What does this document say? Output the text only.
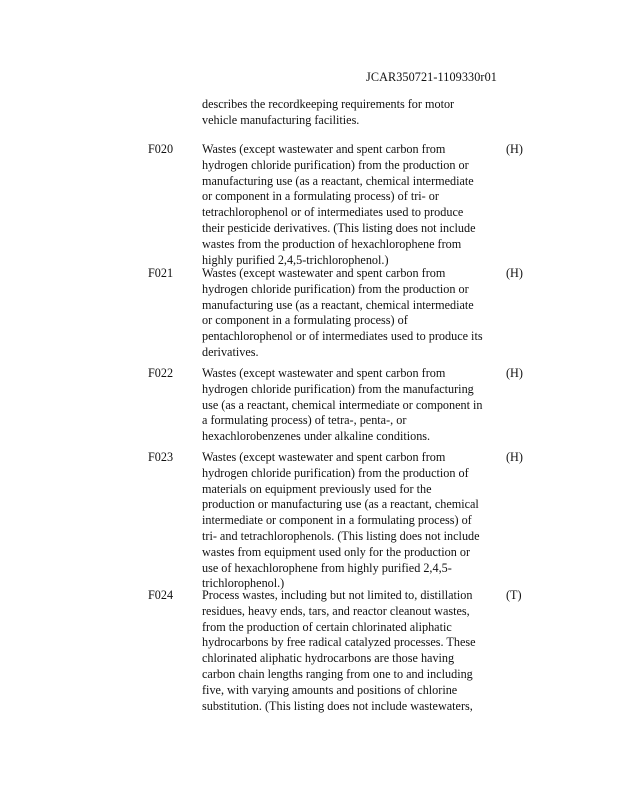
JCAR350721-1109330r01
describes the recordkeeping requirements for motor
vehicle manufacturing facilities.
F020 Wastes (except wastewater and spent carbon from
hydrogen chloride purification) from the production or
manufacturing use (as a reactant, chemical intermediate
or component in a formulating process) of tri- or
tetrachlorophenol or of intermediates used to produce
their pesticide derivatives. (This listing does not include
wastes from the production of hexachlorophene from
highly purified 2,4,5-trichlorophenol.)
(H)
F021 Wastes (except wastewater and spent carbon from
hydrogen chloride purification) from the production or
manufacturing use (as a reactant, chemical intermediate
or component in a formulating process) of
pentachlorophenol or of intermediates used to produce its
derivatives.
(H)
F022 Wastes (except wastewater and spent carbon from
hydrogen chloride purification) from the manufacturing
use (as a reactant, chemical intermediate or component in
a formulating process) of tetra-, penta-, or
hexachlorobenzenes under alkaline conditions.
(H)
F023 Wastes (except wastewater and spent carbon from
hydrogen chloride purification) from the production of
materials on equipment previously used for the
production or manufacturing use (as a reactant, chemical
intermediate or component in a formulating process) of
tri- and tetrachlorophenols. (This listing does not include
wastes from equipment used only for the production or
use of hexachlorophene from highly purified 2,4,5-
trichlorophenol.)
(H)
F024 Process wastes, including but not limited to, distillation
residues, heavy ends, tars, and reactor cleanout wastes,
from the production of certain chlorinated aliphatic
hydrocarbons by free radical catalyzed processes. These
chlorinated aliphatic hydrocarbons are those having
carbon chain lengths ranging from one to and including
five, with varying amounts and positions of chlorine
substitution. (This listing does not include wastewaters,
(T)
